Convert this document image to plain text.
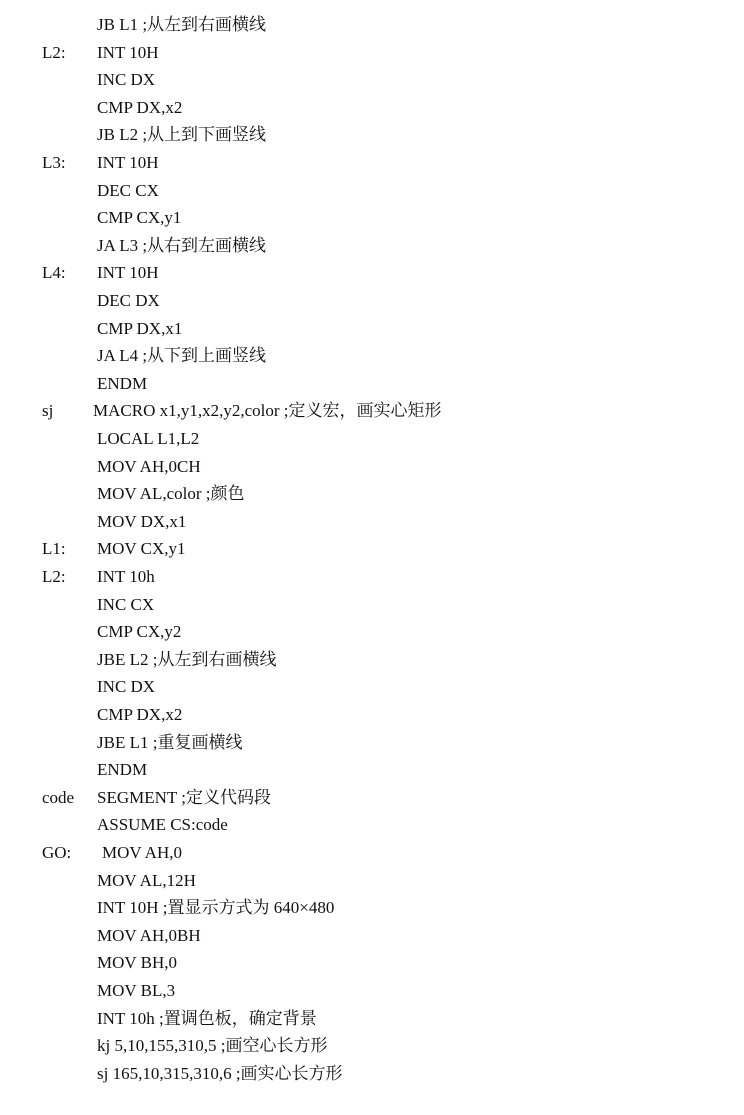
JB L1 ;从左到右画横线
L2: INT 10H
INC DX
CMP DX,x2
JB L2 ;从上到下画竖线
L3: INT 10H
DEC CX
CMP CX,y1
JA L3 ;从右到左画横线
L4: INT 10H
DEC DX
CMP DX,x1
JA L4 ;从下到上画竖线
ENDM
sj MACRO x1,y1,x2,y2,color ;定义宏，画实心矩形
LOCAL L1,L2
MOV AH,0CH
MOV AL,color ;颜色
MOV DX,x1
L1: MOV CX,y1
L2: INT 10h
INC CX
CMP CX,y2
JBE L2 ;从左到右画横线
INC DX
CMP DX,x2
JBE L1 ;重复画横线
ENDM
code SEGMENT ;定义代码段
ASSUME CS:code
GO: MOV AH,0
MOV AL,12H
INT 10H ;置显示方式为 640×480
MOV AH,0BH
MOV BH,0
MOV BL,3
INT 10h ;置调色板，确定背景
kj 5,10,155,310,5 ;画空心长方形
sj 165,10,315,310,6 ;画实心长方形
